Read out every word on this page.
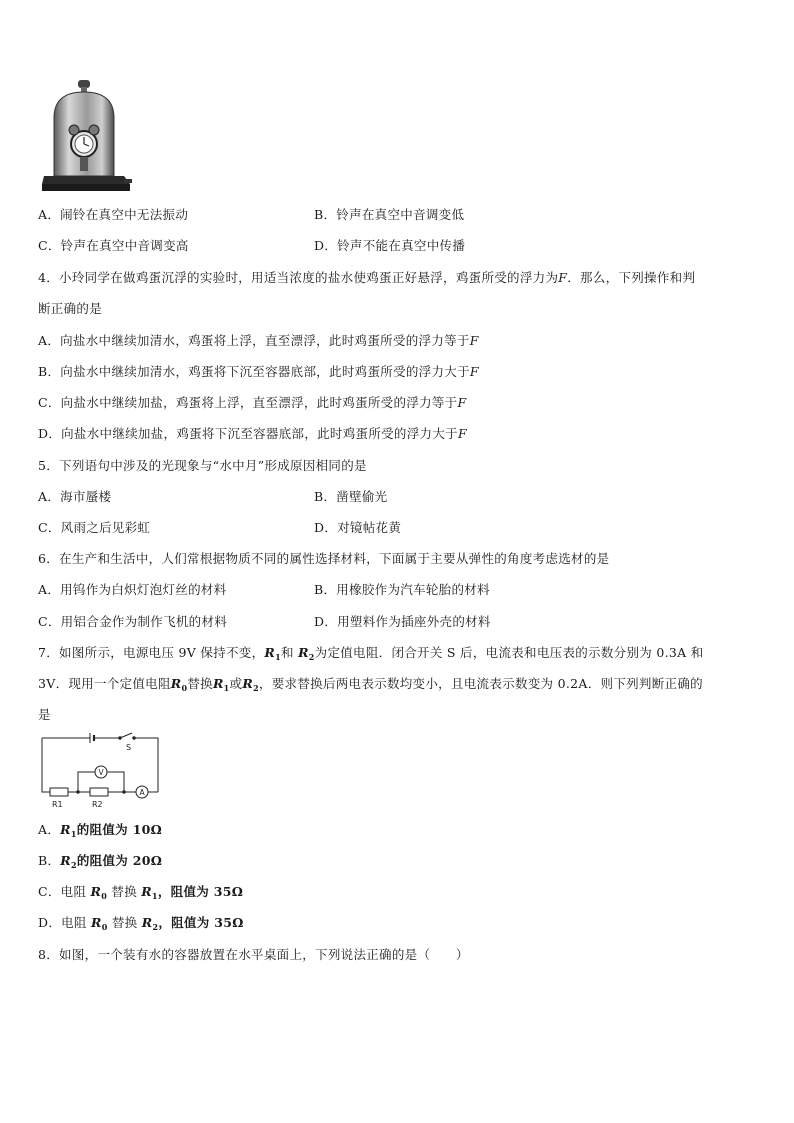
A．闹铃在真空中无法振动	B．铃声在真空中音调变低
C．铃声在真空中音调变高	D．铃声不能在真空中传播
4．小玲同学在做鸡蛋沉浮的实验时，用适当浓度的盐水使鸡蛋正好悬浮，鸡蛋所受的浮力为F．那么，下列操作和判
断正确的是
A．向盐水中继续加清水，鸡蛋将上浮，直至漂浮，此时鸡蛋所受的浮力等于F
B．向盐水中继续加清水，鸡蛋将下沉至容器底部，此时鸡蛋所受的浮力大于F
C．向盐水中继续加盐，鸡蛋将上浮，直至漂浮，此时鸡蛋所受的浮力等于F
D．向盐水中继续加盐，鸡蛋将下沉至容器底部，此时鸡蛋所受的浮力大于F
5．下列语句中涉及的光现象与“水中月”形成原因相同的是
A．海市蜃楼	B．凿壁偷光
C．风雨之后见彩虹	D．对镜帖花黄
6．在生产和生活中，人们常根据物质不同的属性选择材料，下面属于主要从弹性的角度考虑选材的是
A．用钨作为白炽灯泡灯丝的材料	B．用橡胶作为汽车轮胎的材料
C．用铝合金作为制作飞机的材料	D．用塑料作为插座外壳的材料
7．如图所示，电源电压 9V 保持不变，$R_1$和 $R_2$为定值电阻．闭合开关 S 后，电流表和电压表的示数分别为 0.3A 和
3V．现用一个定值电阻$R_0$替换$R_1$或$R_2$，要求替换后两电表示数均变小，且电流表示数变为 0.2A．则下列判断正确的
是
S
V
A
R1	R2
A．$R_1$的阻值为 10Ω
B．$R_2$的阻值为 20Ω
C．电阻 $R_0$ 替换 $R_1$，阻值为 35Ω
D．电阻 $R_0$ 替换 $R_2$，阻值为 35Ω
8．如图，一个装有水的容器放置在水平桌面上，下列说法正确的是（　　）
